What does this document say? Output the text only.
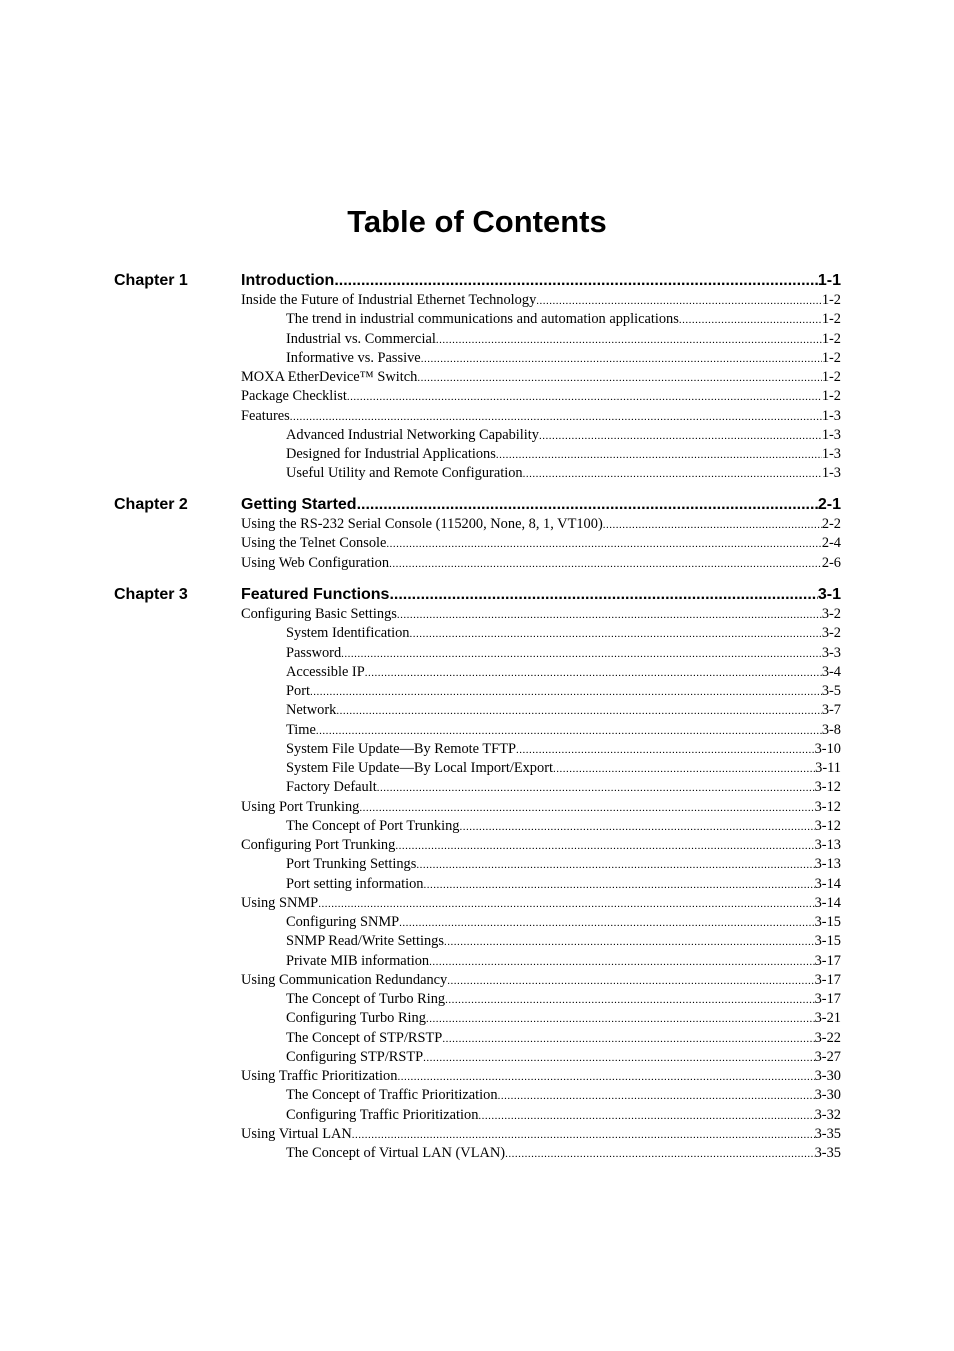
Table of Contents
Chapter 1	Introduction .....	1-1
Inside the Future of Industrial Ethernet Technology .....	1-2
The trend in industrial communications and automation applications .....	1-2
Industrial vs. Commercial .....	1-2
Informative vs. Passive .....	1-2
MOXA EtherDevice™ Switch .....	1-2
Package Checklist .....	1-2
Features .....	1-3
Advanced Industrial Networking Capability .....	1-3
Designed for Industrial Applications .....	1-3
Useful Utility and Remote Configuration .....	1-3
Chapter 2	Getting Started .....	2-1
Using the RS-232 Serial Console (115200, None, 8, 1, VT100) .....	2-2
Using the Telnet Console .....	2-4
Using Web Configuration .....	2-6
Chapter 3	Featured Functions .....	3-1
Configuring Basic Settings .....	3-2
System Identification .....	3-2
Password .....	3-3
Accessible IP .....	3-4
Port .....	3-5
Network .....	3-7
Time .....	3-8
System File Update—By Remote TFTP .....	3-10
System File Update—By Local Import/Export .....	3-11
Factory Default .....	3-12
Using Port Trunking .....	3-12
The Concept of Port Trunking .....	3-12
Configuring Port Trunking .....	3-13
Port Trunking Settings .....	3-13
Port setting information .....	3-14
Using SNMP .....	3-14
Configuring SNMP .....	3-15
SNMP Read/Write Settings .....	3-15
Private MIB information .....	3-17
Using Communication Redundancy .....	3-17
The Concept of Turbo Ring .....	3-17
Configuring Turbo Ring .....	3-21
The Concept of STP/RSTP .....	3-22
Configuring STP/RSTP .....	3-27
Using Traffic Prioritization .....	3-30
The Concept of Traffic Prioritization .....	3-30
Configuring Traffic Prioritization .....	3-32
Using Virtual LAN .....	3-35
The Concept of Virtual LAN (VLAN) .....	3-35
